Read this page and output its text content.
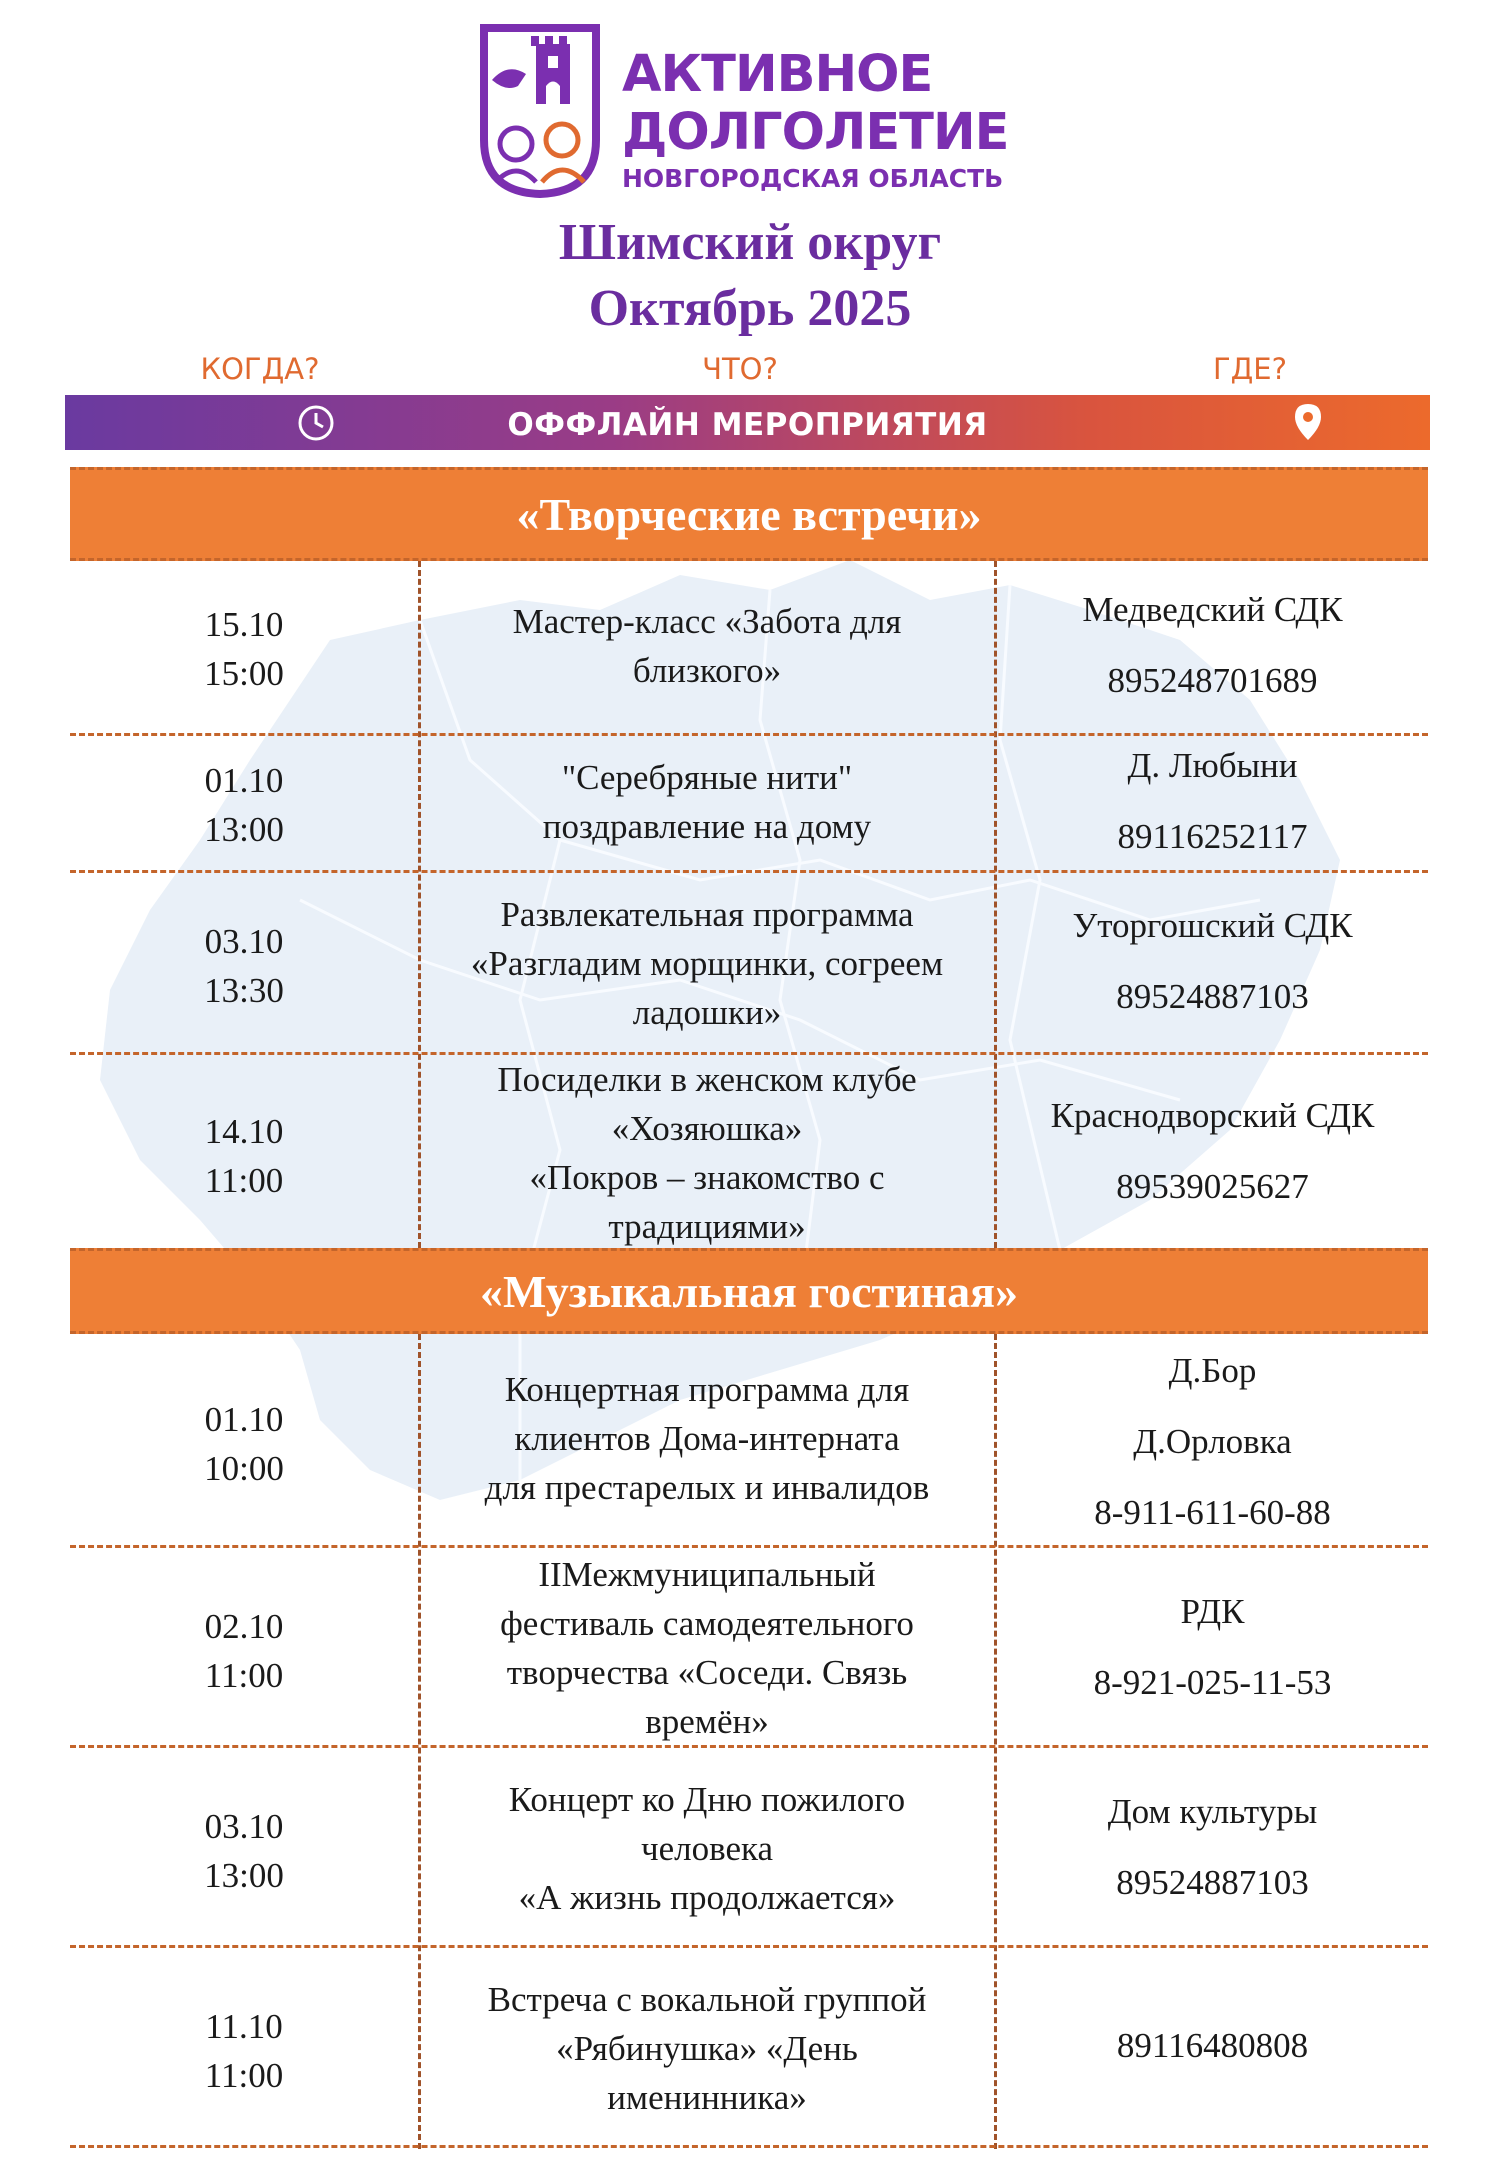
АКТИВНОЕ
ДОЛГОЛЕТИЕ
НОВГОРОДСКАЯ ОБЛАСТЬ
Шимский округ
Октябрь 2025
КОГДА?	ЧТО?	ГДЕ?
ОФФЛАЙН МЕРОПРИЯТИЯ
«Творческие встречи»
15.10
15:00
Мастер-класс «Забота для
близкого»
Медведский СДК
895248701689
01.10
13:00
"Серебряные нити"
поздравление на дому
Д. Любыни
89116252117
03.10
13:30
Развлекательная программа
«Разгладим морщинки, согреем
ладошки»
Уторгошский СДК
89524887103
14.10
11:00
Посиделки в женском клубе
«Хозяюшка»
«Покров – знакомство с
традициями»
Краснодворский СДК
89539025627
«Музыкальная гостиная»
01.10
10:00
Концертная программа для
клиентов Дома-интерната
для престарелых и инвалидов
Д.Бор
Д.Орловка
8-911-611-60-88
02.10
11:00
IIМежмуниципальный
фестиваль самодеятельного
творчества «Соседи. Связь
времён»
РДК
8-921-025-11-53
03.10
13:00
Концерт ко Дню пожилого
человека
«А жизнь продолжается»
Дом культуры
89524887103
11.10
11:00
Встреча с вокальной группой
«Рябинушка» «День
именинника»
89116480808
